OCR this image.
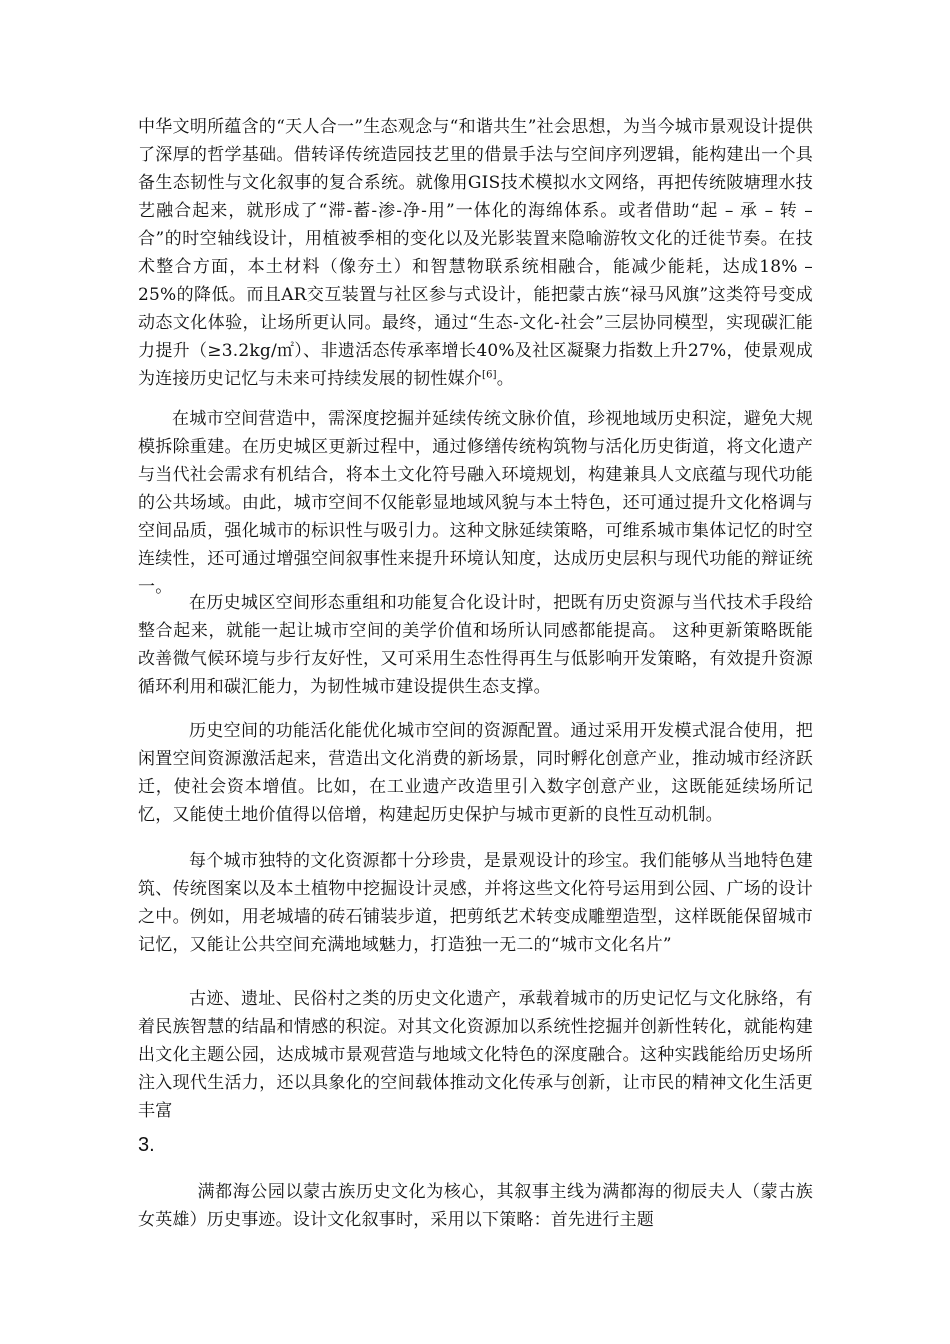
中华文明所蕴含的“天人合一”生态观念与“和谐共生”社会思想，为当今城市景观设计提供了深厚的哲学基础。借转译传统造园技艺里的借景手法与空间序列逻辑，能构建出一个具备生态韧性与文化叙事的复合系统。就像用GIS技术模拟水文网络，再把传统陂塘理水技艺融合起来，就形成了“滞-蓄-渗-净-用”一体化的海绵体系。或者借助“起 – 承 – 转 – 合”的时空轴线设计，用植被季相的变化以及光影装置来隐喻游牧文化的迁徙节奏。在技术整合方面，本土材料（像夯土）和智慧物联系统相融合，能减少能耗，达成18% – 25%的降低。而且AR交互装置与社区参与式设计，能把蒙古族“禄马风旗”这类符号变成动态文化体验，让场所更认同。最终，通过“生态-文化-社会”三层协同模型，实现碳汇能力提升（≥3.2kg/㎡）、非遗活态传承率增长40%及社区凝聚力指数上升27%，使景观成为连接历史记忆与未来可持续发展的韧性媒介[6]。

在城市空间营造中，需深度挖掘并延续传统文脉价值，珍视地域历史积淀，避免大规模拆除重建。在历史城区更新过程中，通过修缮传统构筑物与活化历史街道，将文化遗产与当代社会需求有机结合，将本土文化符号融入环境规划，构建兼具人文底蕴与现代功能的公共场域。由此，城市空间不仅能彰显地域风貌与本土特色，还可通过提升文化格调与空间品质，强化城市的标识性与吸引力。这种文脉延续策略，可维系城市集体记忆的时空连续性，还可通过增强空间叙事性来提升环境认知度，达成历史层积与现代功能的辩证统一。

在历史城区空间形态重组和功能复合化设计时，把既有历史资源与当代技术手段给整合起来，就能一起让城市空间的美学价值和场所认同感都能提高。 这种更新策略既能改善微气候环境与步行友好性，又可采用生态性得再生与低影响开发策略，有效提升资源循环利用和碳汇能力，为韧性城市建设提供生态支撑。

历史空间的功能活化能优化城市空间的资源配置。通过采用开发模式混合使用，把闲置空间资源激活起来，营造出文化消费的新场景，同时孵化创意产业，推动城市经济跃迁，使社会资本增值。比如，在工业遗产改造里引入数字创意产业，这既能延续场所记忆，又能使土地价值得以倍增，构建起历史保护与城市更新的良性互动机制。

每个城市独特的文化资源都十分珍贵，是景观设计的珍宝。我们能够从当地特色建筑、传统图案以及本土植物中挖掘设计灵感，并将这些文化符号运用到公园、广场的设计之中。例如，用老城墙的砖石铺装步道，把剪纸艺术转变成雕塑造型，这样既能保留城市记忆，又能让公共空间充满地域魅力，打造独一无二的“城市文化名片”

古迹、遗址、民俗村之类的历史文化遗产，承载着城市的历史记忆与文化脉络，有着民族智慧的结晶和情感的积淀。对其文化资源加以系统性挖掘并创新性转化，就能构建出文化主题公园，达成城市景观营造与地域文化特色的深度融合。这种实践能给历史场所注入现代生活力，还以具象化的空间载体推动文化传承与创新，让市民的精神文化生活更丰富

3.

满都海公园以蒙古族历史文化为核心，其叙事主线为满都海的彻辰夫人（蒙古族女英雄）历史事迹。设计文化叙事时，采用以下策略：首先进行主题
